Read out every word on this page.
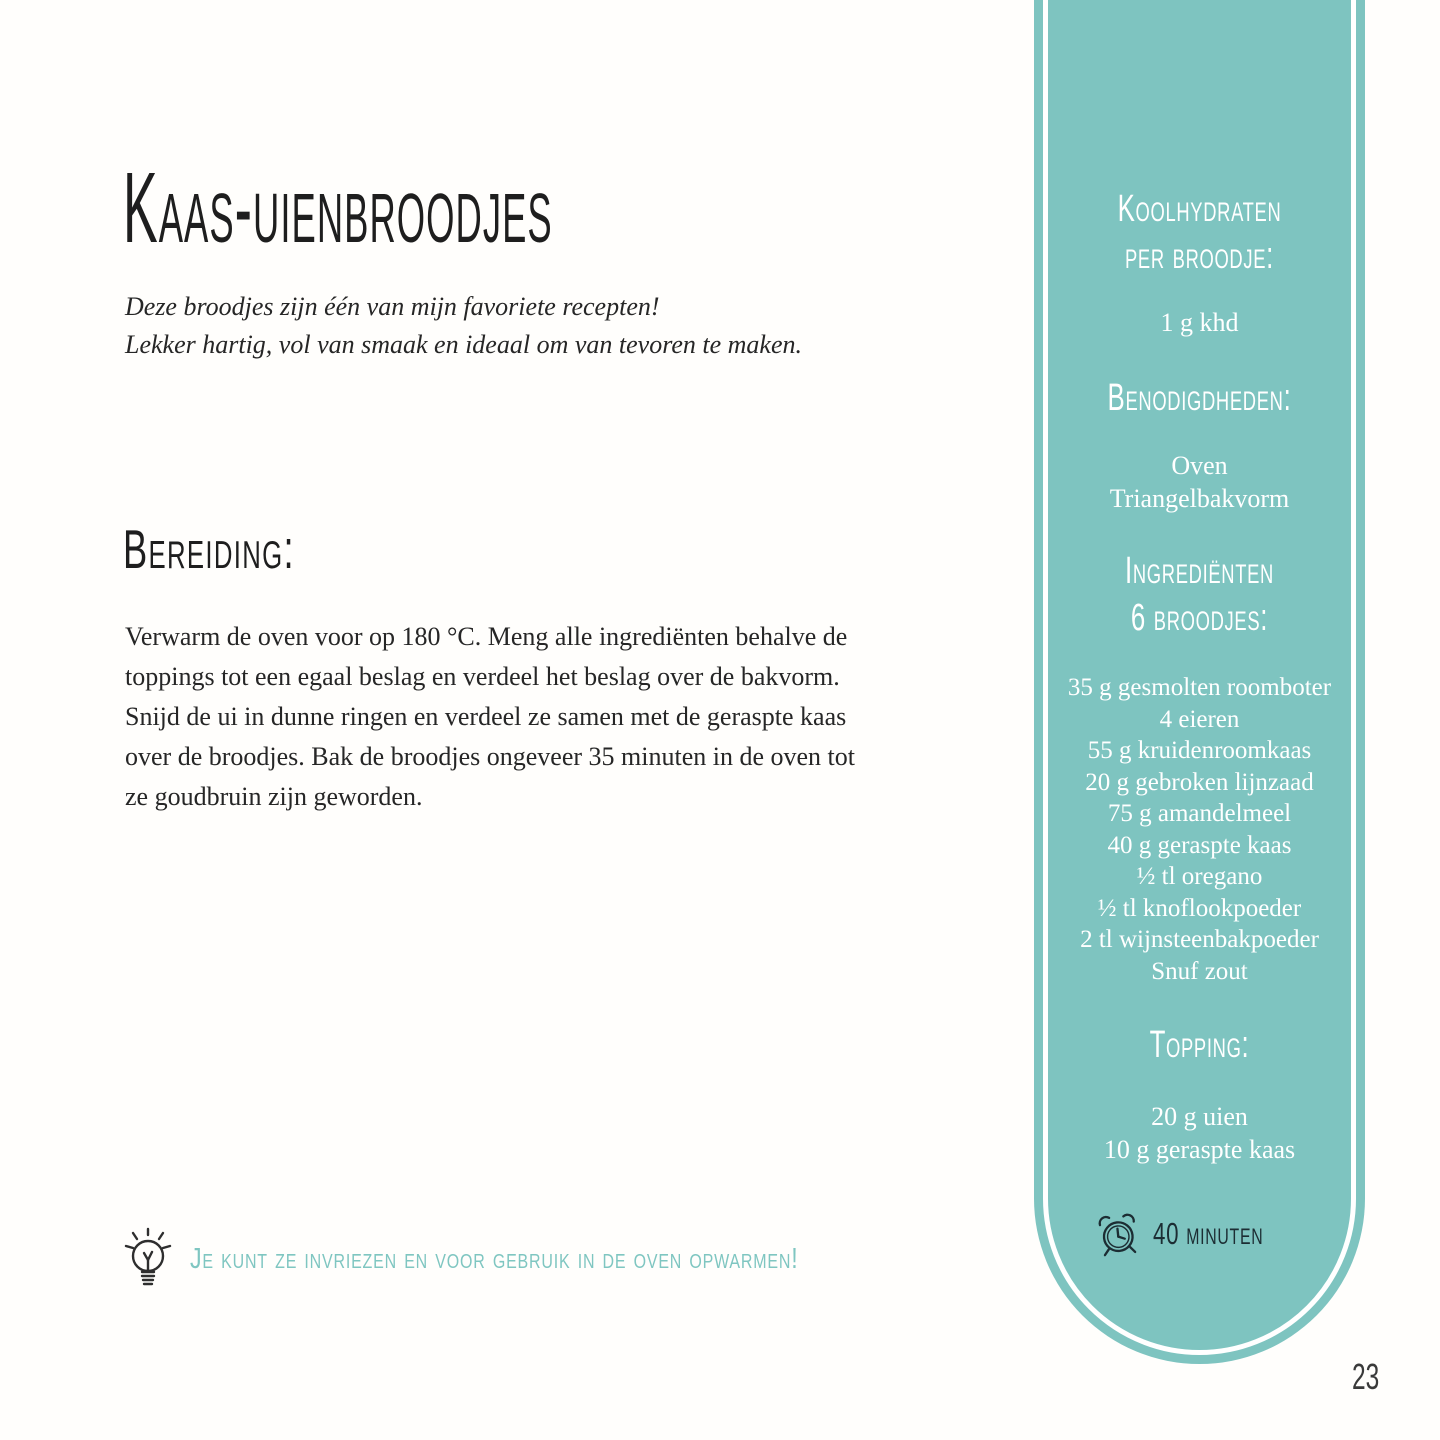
Kaas-uienbroodjes
Deze broodjes zijn één van mijn favoriete recepten!
Lekker hartig, vol van smaak en ideaal om van tevoren te maken.
Bereiding:

Verwarm de oven voor op 180 °C. Meng alle ingrediënten behalve de toppings tot een egaal beslag en verdeel het beslag over de bakvorm. Snijd de ui in dunne ringen en verdeel ze samen met de geraspte kaas over de broodjes. Bak de broodjes ongeveer 35 minuten in de oven tot ze goudbruin zijn geworden.

Je kunt ze invriezen en voor gebruik in de oven opwarmen!
Koolhydraten
per broodje:
1 g khd
Benodigdheden:
Oven
Triangelbakvorm
Ingrediënten
6 broodjes:
35 g gesmolten roomboter
4 eieren
55 g kruidenroomkaas
20 g gebroken lijnzaad
75 g amandelmeel
40 g geraspte kaas
½ tl oregano
½ tl knoflookpoeder
2 tl wijnsteenbakpoeder
Snuf zout
Topping:
20 g uien
10 g geraspte kaas
40 minuten
23
